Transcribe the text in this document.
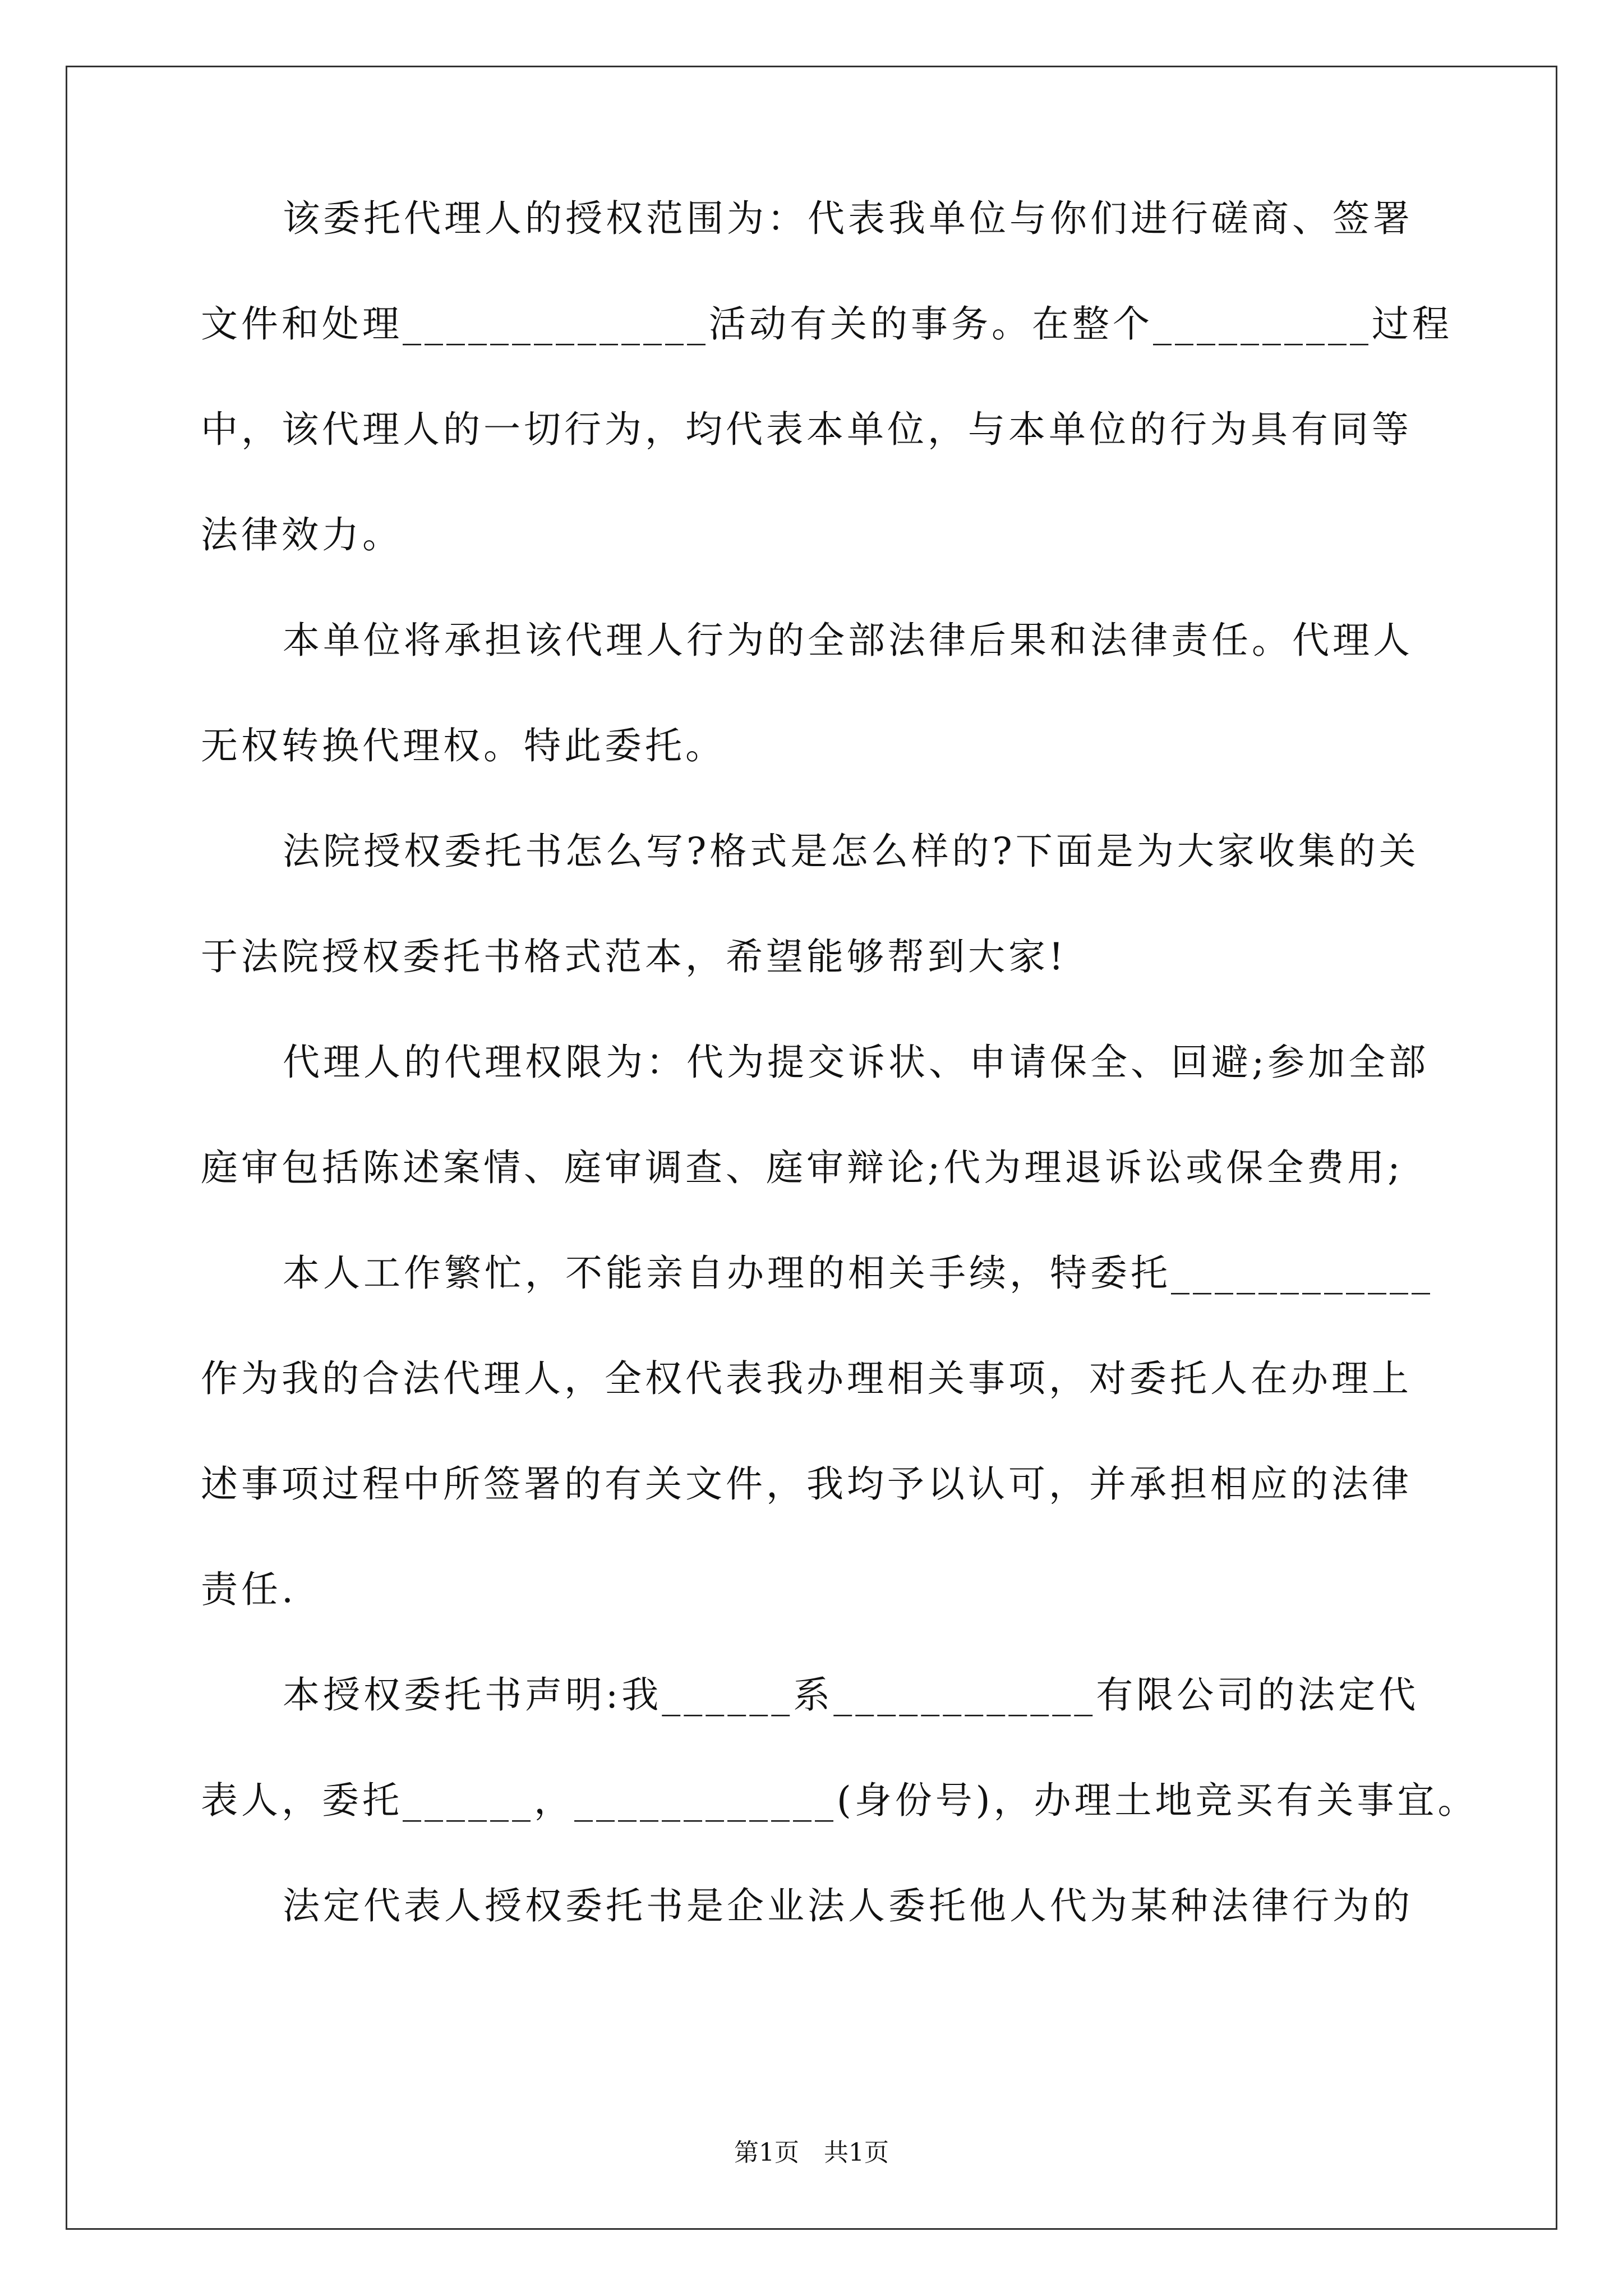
该委托代理人的授权范围为：代表我单位与你们进行磋商、签署
文件和处理______________活动有关的事务。在整个__________过程
中，该代理人的一切行为，均代表本单位，与本单位的行为具有同等
法律效力。
本单位将承担该代理人行为的全部法律后果和法律责任。代理人
无权转换代理权。特此委托。
法院授权委托书怎么写?格式是怎么样的?下面是为大家收集的关
于法院授权委托书格式范本，希望能够帮到大家!
代理人的代理权限为：代为提交诉状、申请保全、回避;参加全部
庭审包括陈述案情、庭审调查、庭审辩论;代为理退诉讼或保全费用;
本人工作繁忙，不能亲自办理的相关手续，特委托____________
作为我的合法代理人，全权代表我办理相关事项，对委托人在办理上
述事项过程中所签署的有关文件，我均予以认可，并承担相应的法律
责任.
本授权委托书声明:我______系____________有限公司的法定代
表人，委托______，____________(身份号)，办理土地竞买有关事宜。
法定代表人授权委托书是企业法人委托他人代为某种法律行为的
第1页　共1页
